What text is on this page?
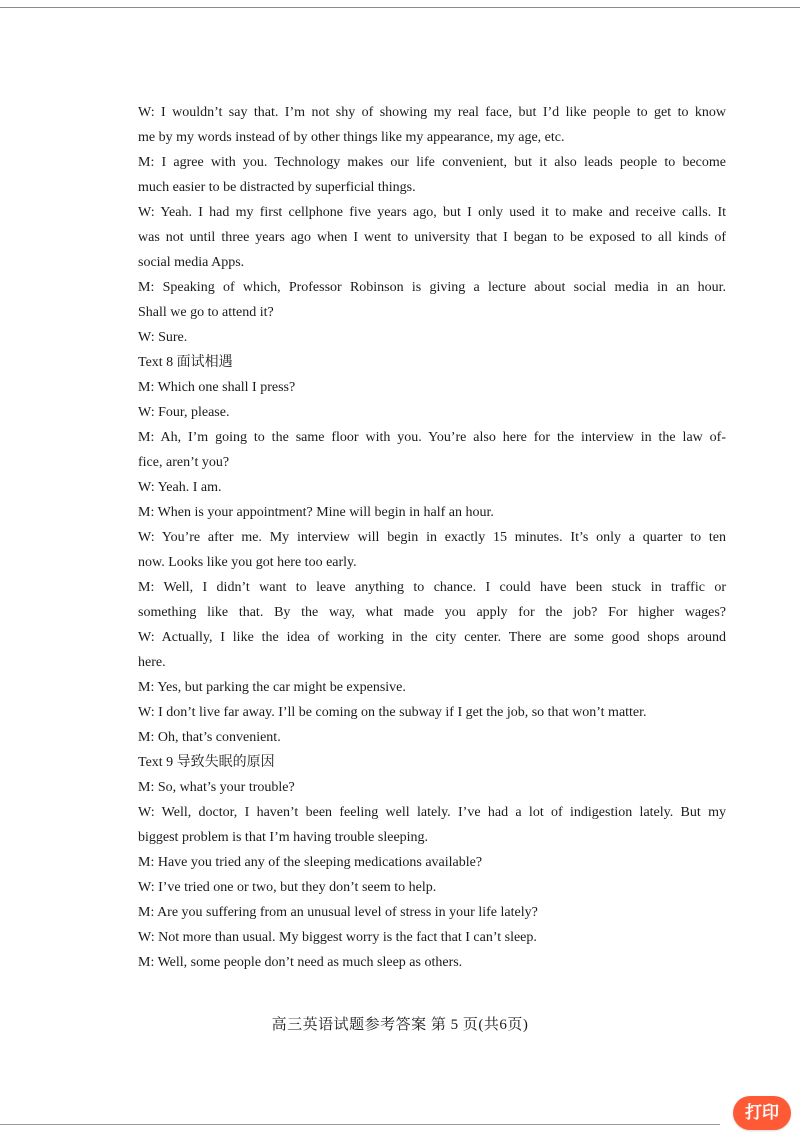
W: I wouldn’t say that. I’m not shy of showing my real face, but I’d like people to get to know
me by my words instead of by other things like my appearance, my age, etc.
M: I agree with you. Technology makes our life convenient, but it also leads people to become
much easier to be distracted by superficial things.
W: Yeah. I had my first cellphone five years ago, but I only used it to make and receive calls. It
was not until three years ago when I went to university that I began to be exposed to all kinds of
social media Apps.
M: Speaking of which, Professor Robinson is giving a lecture about social media in an hour.
Shall we go to attend it?
W: Sure.
Text 8 面试相遇
M: Which one shall I press?
W: Four, please.
M: Ah, I’m going to the same floor with you. You’re also here for the interview in the law of-
fice, aren’t you?
W: Yeah. I am.
M: When is your appointment? Mine will begin in half an hour.
W: You’re after me. My interview will begin in exactly 15 minutes. It’s only a quarter to ten
now. Looks like you got here too early.
M: Well, I didn’t want to leave anything to chance. I could have been stuck in traffic or
something like that. By the way, what made you apply for the job? For higher wages?
W: Actually, I like the idea of working in the city center. There are some good shops around
here.
M: Yes, but parking the car might be expensive.
W: I don’t live far away. I’ll be coming on the subway if I get the job, so that won’t matter.
M: Oh, that’s convenient.
Text 9 导致失眠的原因
M: So, what’s your trouble?
W: Well, doctor, I haven’t been feeling well lately. I’ve had a lot of indigestion lately. But my
biggest problem is that I’m having trouble sleeping.
M: Have you tried any of the sleeping medications available?
W: I’ve tried one or two, but they don’t seem to help.
M: Are you suffering from an unusual level of stress in your life lately?
W: Not more than usual. My biggest worry is the fact that I can’t sleep.
M: Well, some people don’t need as much sleep as others.
高三英语试题参考答案 第 5 页(共6页)
打印
